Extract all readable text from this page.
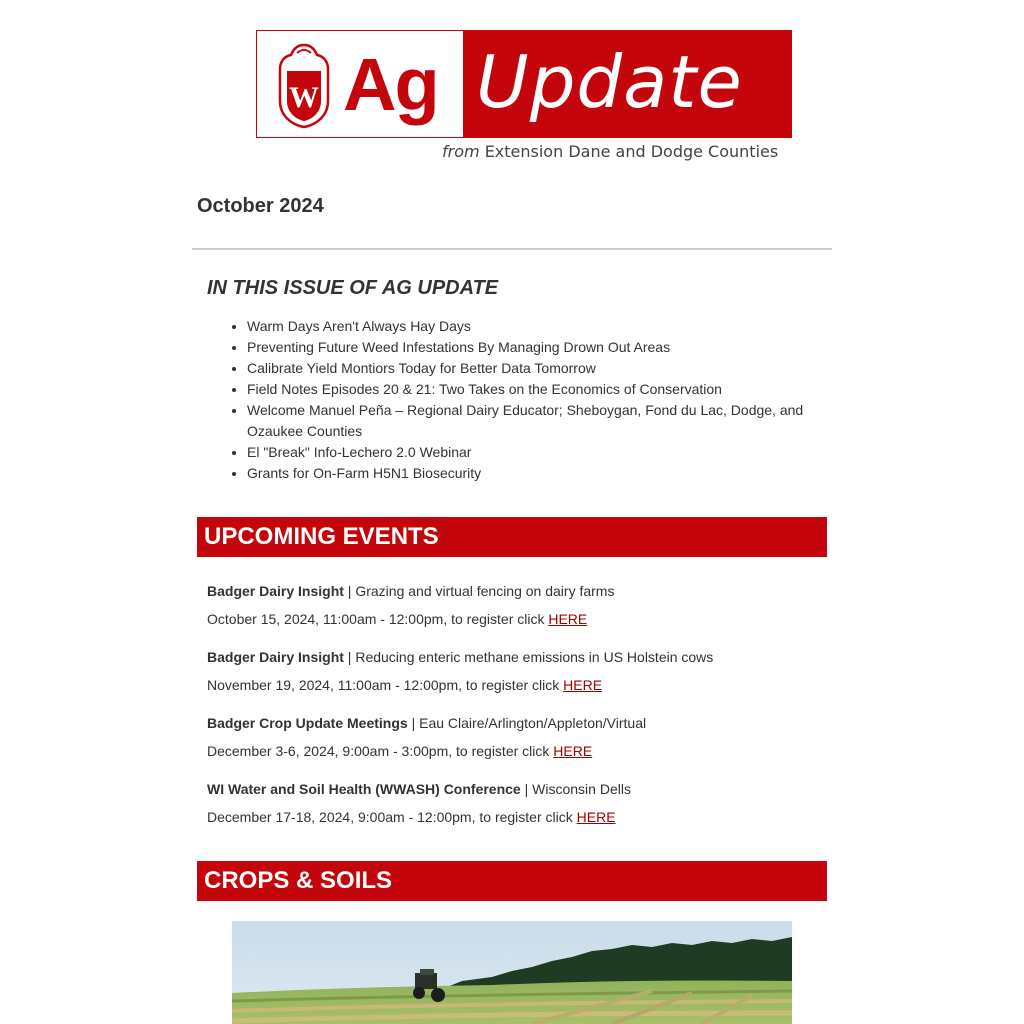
W Ag Update
from Extension Dane and Dodge Counties
October 2024
IN THIS ISSUE OF AG UPDATE
• Warm Days Aren't Always Hay Days
• Preventing Future Weed Infestations By Managing Drown Out Areas
• Calibrate Yield Montiors Today for Better Data Tomorrow
• Field Notes Episodes 20 & 21: Two Takes on the Economics of Conservation
• Welcome Manuel Peña – Regional Dairy Educator; Sheboygan, Fond du Lac, Dodge, and Ozaukee Counties
• El "Break" Info-Lechero 2.0 Webinar
• Grants for On-Farm H5N1 Biosecurity
UPCOMING EVENTS
Badger Dairy Insight | Grazing and virtual fencing on dairy farms
October 15, 2024, 11:00am - 12:00pm, to register click HERE
Badger Dairy Insight | Reducing enteric methane emissions in US Holstein cows
November 19, 2024, 11:00am - 12:00pm, to register click HERE
Badger Crop Update Meetings | Eau Claire/Arlington/Appleton/Virtual
December 3-6, 2024, 9:00am - 3:00pm, to register click HERE
WI Water and Soil Health (WWASH) Conference | Wisconsin Dells
December 17-18, 2024, 9:00am - 12:00pm, to register click HERE
CROPS & SOILS
